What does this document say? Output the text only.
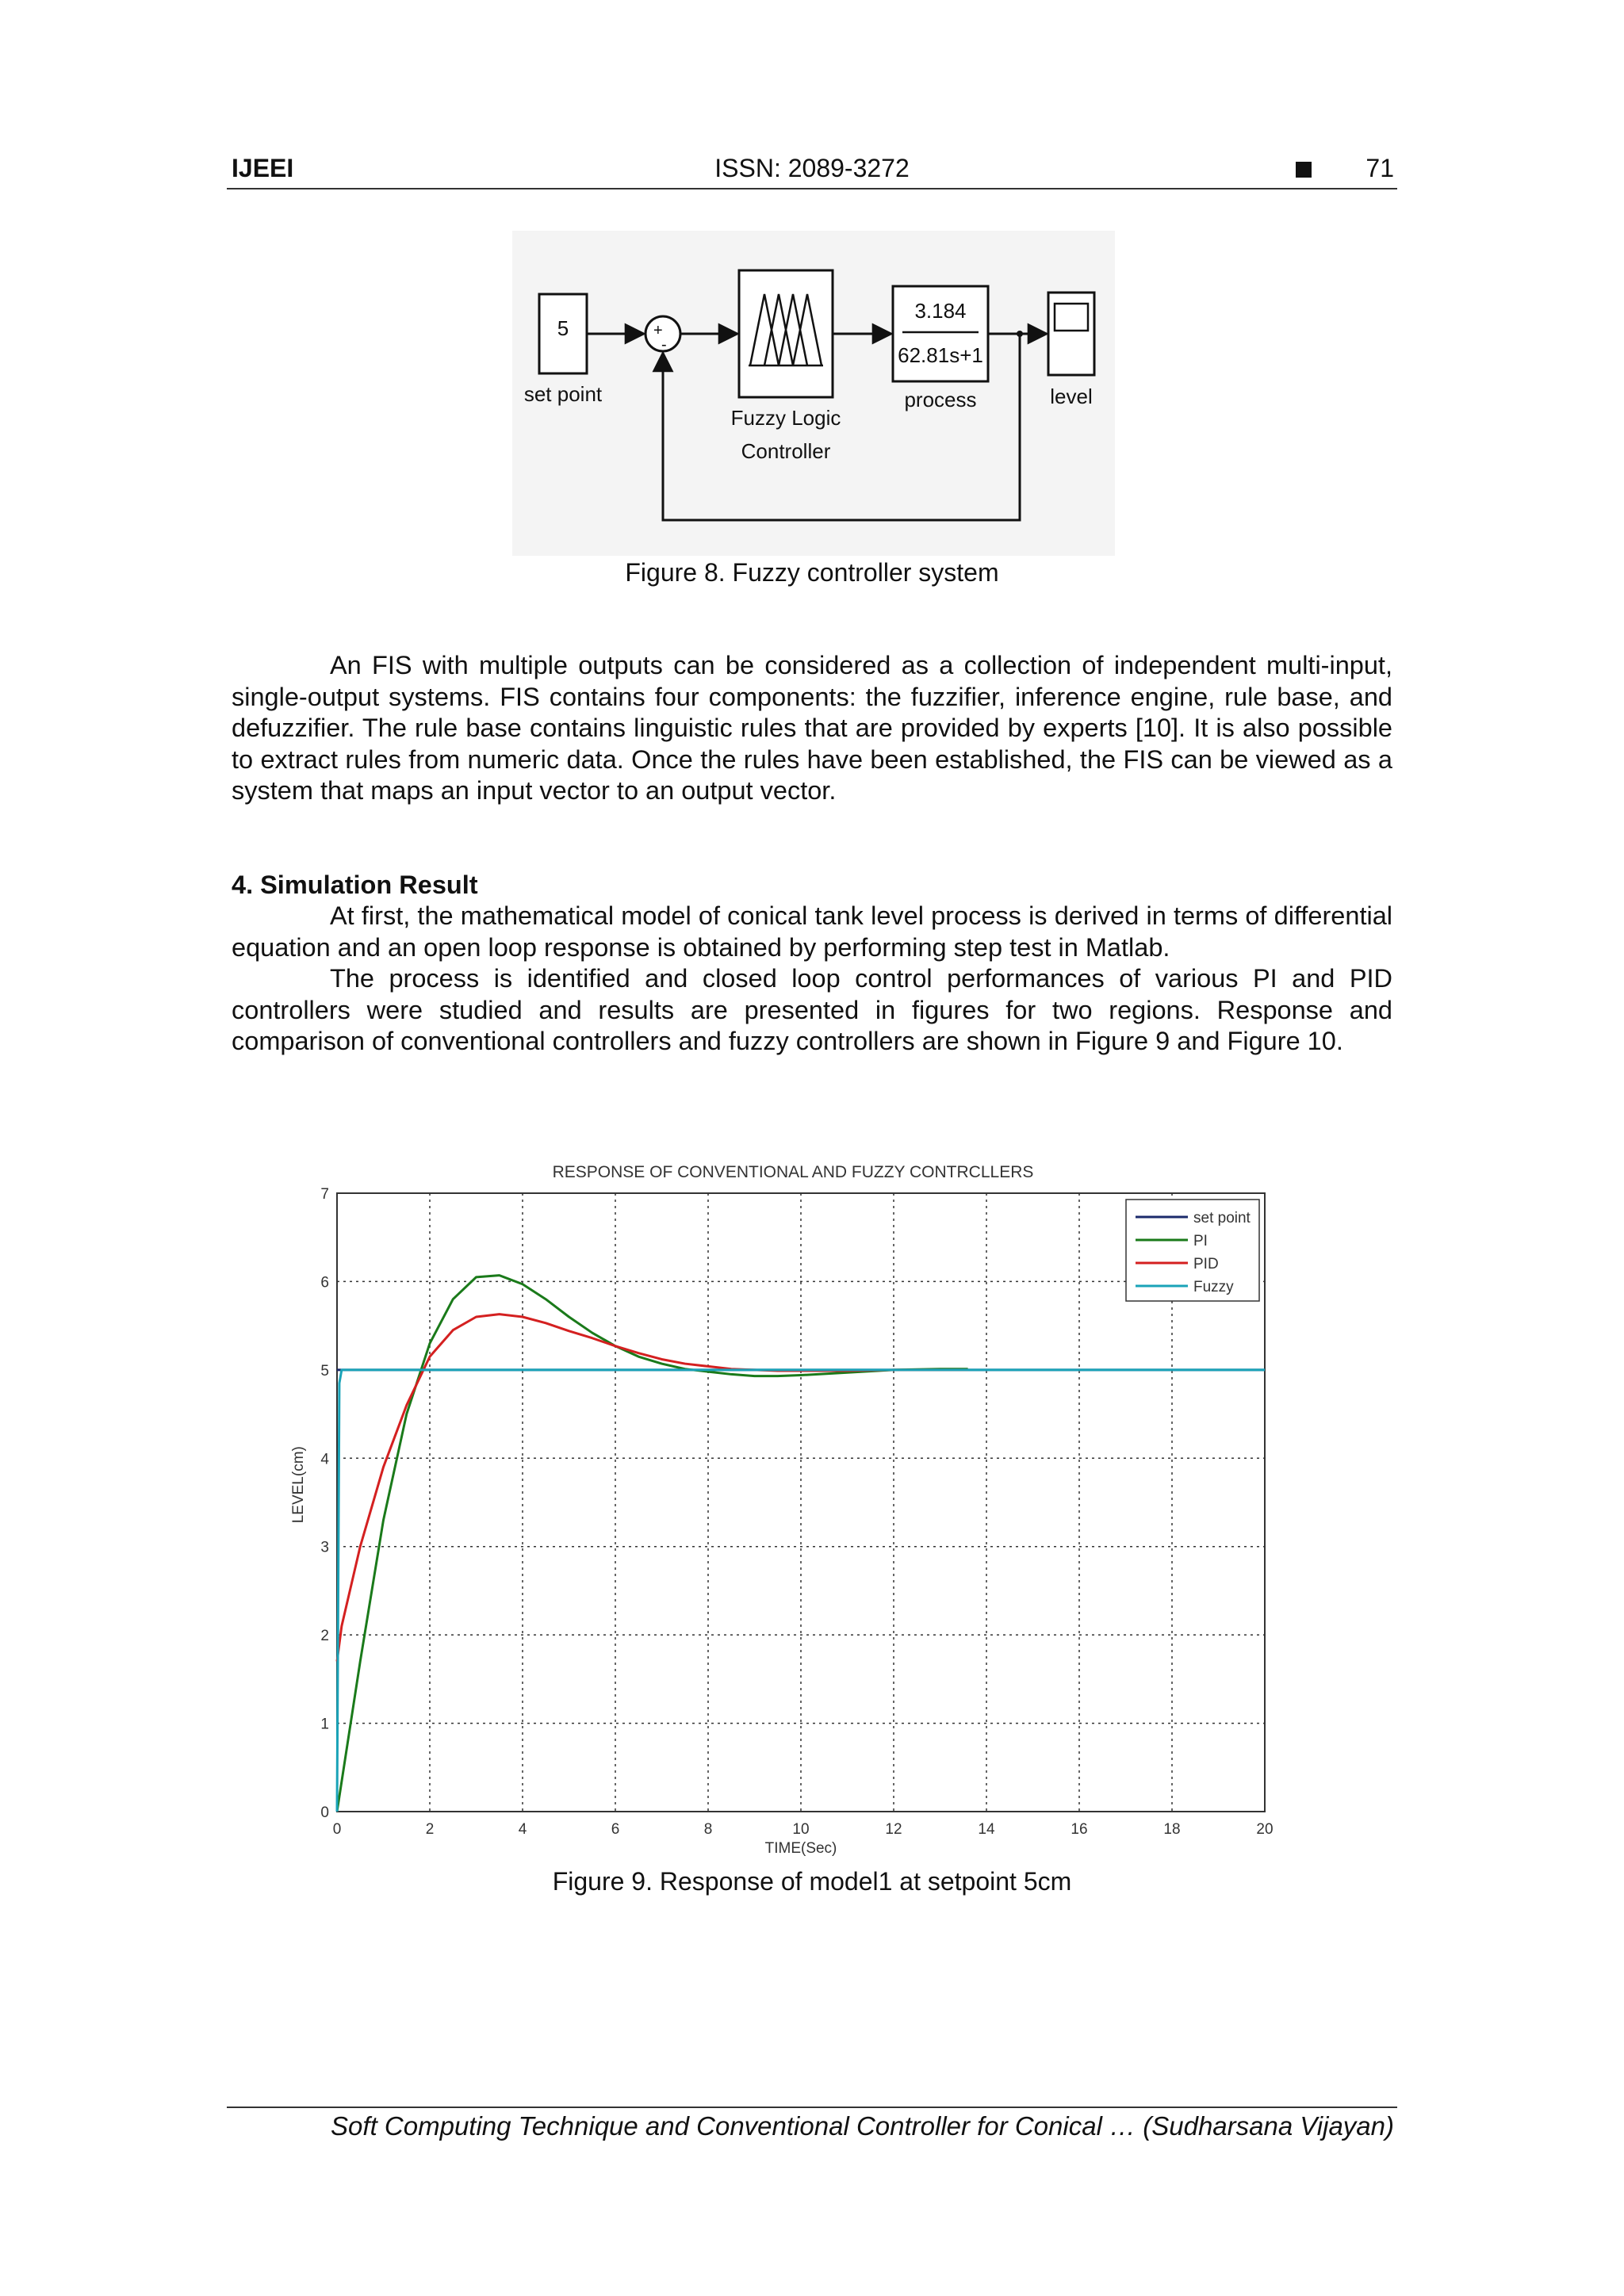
IJEEI	ISSN: 2089-3272	71
5
set point
+
-
Fuzzy Logic
Controller
3.184
62.81s+1
process	level
Figure 8. Fuzzy controller system
An FIS with multiple outputs can be considered as a collection of independent multi-input, single-output systems. FIS contains four components: the fuzzifier, inference engine, rule base, and defuzzifier. The rule base contains linguistic rules that are provided by experts [10]. It is also possible to extract rules from numeric data. Once the rules have been established, the FIS can be viewed as a system that maps an input vector to an output vector.
4. Simulation Result
At first, the mathematical model of conical tank level process is derived in terms of differential equation and an open loop response is obtained by performing step test in Matlab.
The process is identified and closed loop control performances of various PI and PID controllers were studied and results are presented in figures for two regions. Response and comparison of conventional controllers and fuzzy controllers are shown in Figure 9 and Figure 10.
0	2	4	6	8	10	12	14	16	18	20
0
1
2
3
4
5
6
7
RESPONSE OF CONVENTIONAL AND FUZZY CONTRCLLERS
TIME(Sec)
LEVEL(cm)
set point
PI
PID
Fuzzy
Figure 9. Response of model1 at setpoint 5cm
Soft Computing Technique and Conventional Controller for Conical … (Sudharsana Vijayan)
